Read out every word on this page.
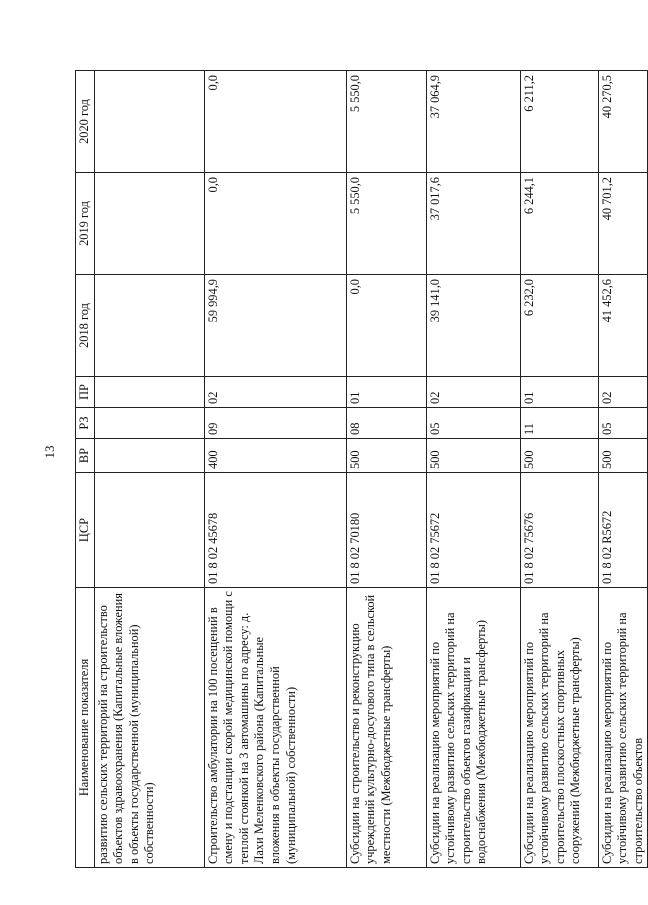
13
Наименование показателя	ЦСР	ВР	РЗ	ПР	2018 год	2019 год	2020 год
развитию сельских территорий на строительство объектов здравоохранения (Капитальные вложения в объекты государственной (муниципальной) собственности)							
Строительство амбулатории на 100 посещений в смену и подстанции скорой медицинской помощи с теплой стоянкой на 3 автомашины по адресу: д. Лахи Меленковского района (Капитальные вложения в объекты государственной (муниципальной) собственности)	01 8 02 45678	400	09	02	59 994,9	0,0	0,0
Субсидии на строительство и реконструкцию учреждений культурно-досугового типа в сельской местности (Межбюджетные трансферты)	01 8 02 70180	500	08	01	0,0	5 550,0	5 550,0
Субсидии на реализацию мероприятий по устойчивому развитию сельских территорий на строительство объектов газификации и водоснабжения (Межбюджетные трансферты)	01 8 02 75672	500	05	02	39 141,0	37 017,6	37 064,9
Субсидии на реализацию мероприятий по устойчивому развитию сельских территорий на строительство плоскостных спортивных сооружений (Межбюджетные трансферты)	01 8 02 75676	500	11	01	6 232,0	6 244,1	6 211,2
Субсидии на реализацию мероприятий по устойчивому развитию сельских территорий на строительство объектов	01 8 02 R5672	500	05	02	41 452,6	40 701,2	40 270,5
